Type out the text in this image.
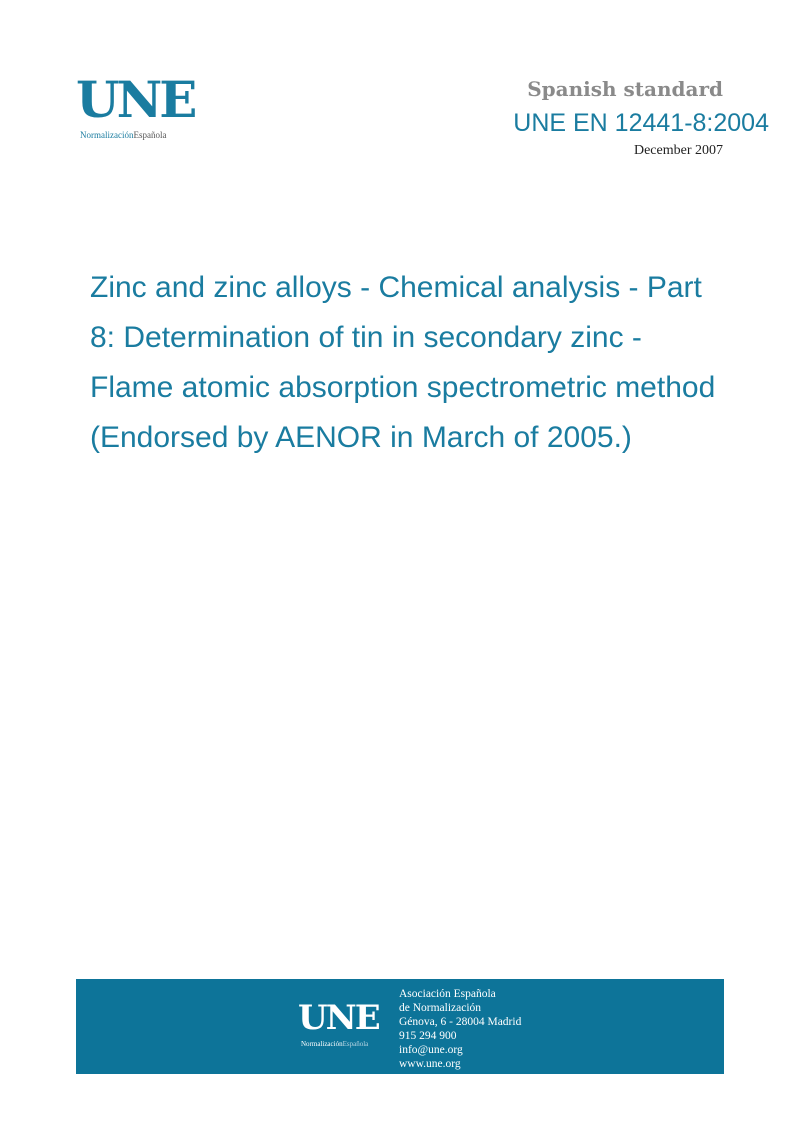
UNE
NormalizaciónEspañola
Spanish standard
UNE EN 12441-8:2004
December 2007
Zinc and zinc alloys - Chemical analysis - Part
8: Determination of tin in secondary zinc -
Flame atomic absorption spectrometric method
(Endorsed by AENOR in March of 2005.)
UNE
NormalizaciónEspañola
Asociación Española
de Normalización
Génova, 6 - 28004 Madrid
915 294 900
info@une.org
www.une.org
